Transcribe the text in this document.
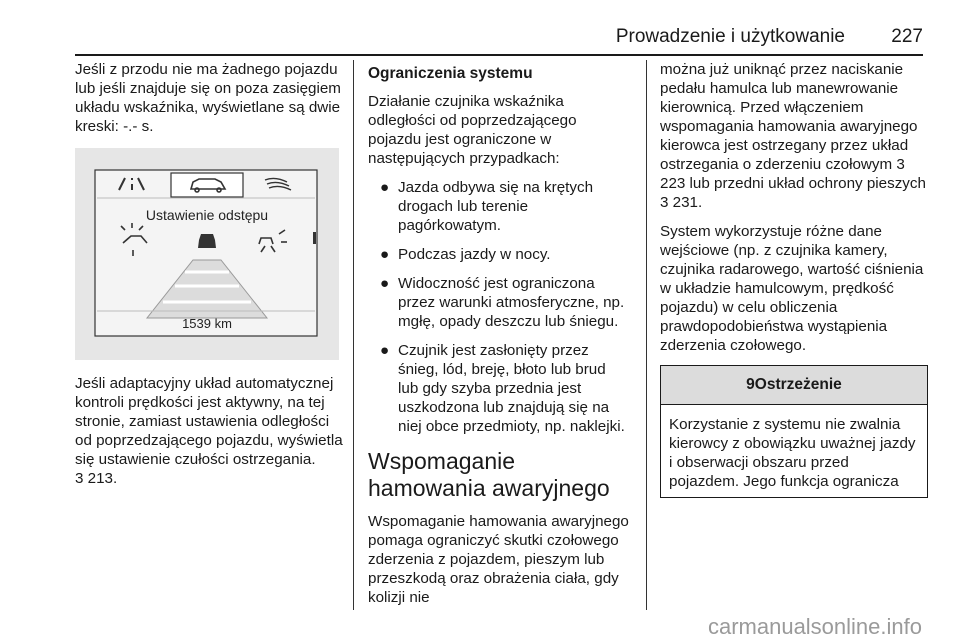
Prowadzenie i użytkowanie 227

Jeśli z przodu nie ma żadnego pojazdu lub jeśli znajduje się on poza zasięgiem układu wskaźnika, wyświetlane są dwie kreski: -.- s.

Ustawienie odstępu
1539 km

Jeśli adaptacyjny układ automatycznej kontroli prędkości jest aktywny, na tej stronie, zamiast ustawienia odległości od poprzedzającego pojazdu, wyświetla się ustawienie czułości ostrzegania.

3 213.

Ograniczenia systemu

Działanie czujnika wskaźnika odległości od poprzedzającego pojazdu jest ograniczone w następujących przypadkach:

● Jazda odbywa się na krętych drogach lub terenie pagórkowatym.
● Podczas jazdy w nocy.
● Widoczność jest ograniczona przez warunki atmosferyczne, np. mgłę, opady deszczu lub śniegu.
● Czujnik jest zasłonięty przez śnieg, lód, breję, błoto lub brud lub gdy szyba przednia jest uszkodzona lub znajdują się na niej obce przedmioty, np. naklejki.
Wspomaganie hamowania awaryjnego

Wspomaganie hamowania awaryjnego pomaga ograniczyć skutki czołowego zderzenia z pojazdem, pieszym lub przeszkodą oraz obrażenia ciała, gdy kolizji nie

można już uniknąć przez naciskanie pedału hamulca lub manewrowanie kierownicą. Przed włączeniem wspomagania hamowania awaryjnego kierowca jest ostrzegany przez układ ostrzegania o zderzeniu czołowym 3 223 lub przedni układ ochrony pieszych 3 231.

System wykorzystuje różne dane wejściowe (np. z czujnika kamery, czujnika radarowego, wartość ciśnienia w układzie hamulcowym, prędkość pojazdu) w celu obliczenia prawdopodobieństwa wystąpienia zderzenia czołowego.

9Ostrzeżenie
Korzystanie z systemu nie zwalnia kierowcy z obowiązku uważnej jazdy i obserwacji obszaru przed pojazdem. Jego funkcja ogranicza
carmanualsonline.info
